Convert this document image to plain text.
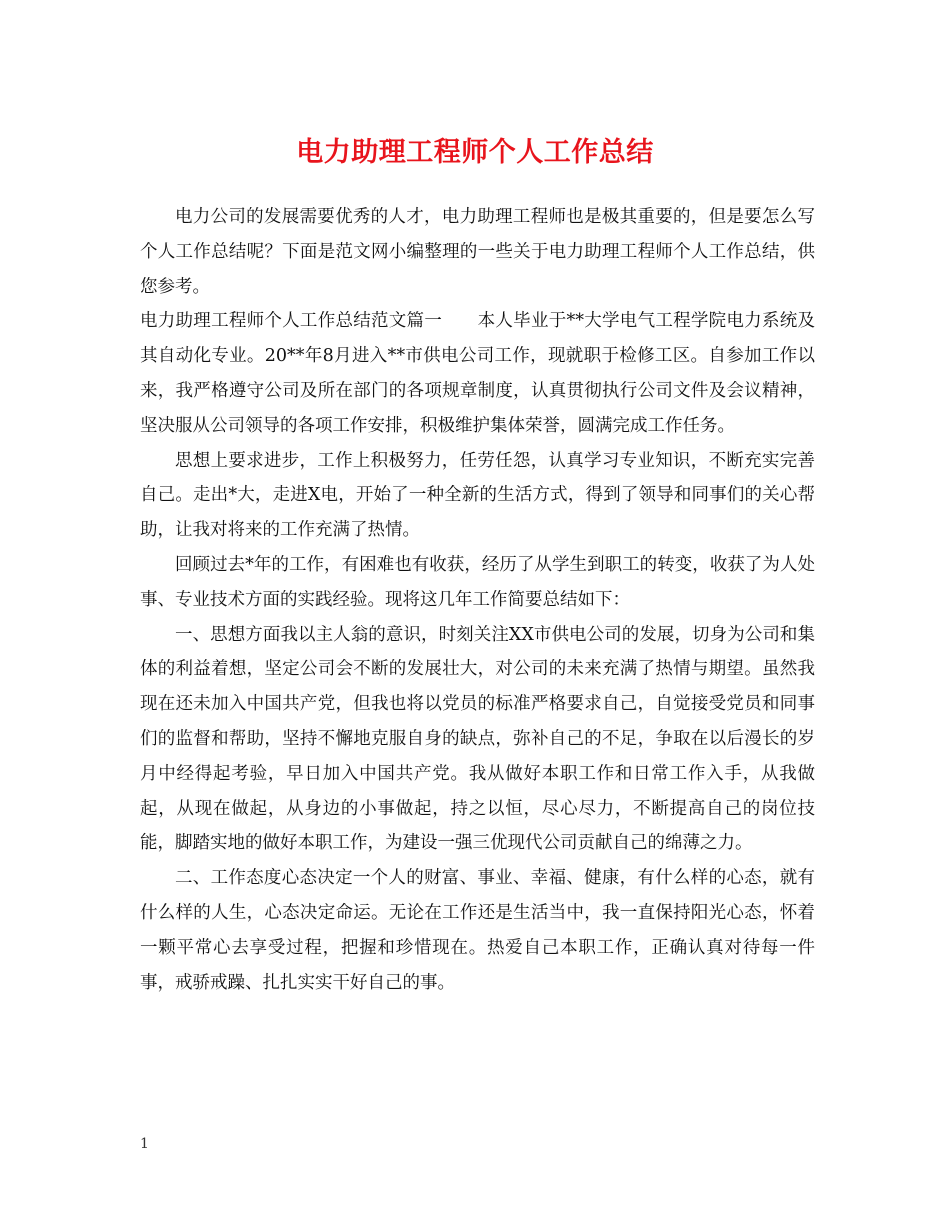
电力助理工程师个人工作总结

电力公司的发展需要优秀的人才，电力助理工程师也是极其重要的，但是要怎么写个人工作总结呢？下面是范文网小编整理的一些关于电力助理工程师个人工作总结，供您参考。

电力助理工程师个人工作总结范文篇一　　本人毕业于**大学电气工程学院电力系统及其自动化专业。20**年8月进入**市供电公司工作，现就职于检修工区。自参加工作以来，我严格遵守公司及所在部门的各项规章制度，认真贯彻执行公司文件及会议精神，坚决服从公司领导的各项工作安排，积极维护集体荣誉，圆满完成工作任务。

思想上要求进步，工作上积极努力，任劳任怨，认真学习专业知识，不断充实完善自己。走出*大，走进X电，开始了一种全新的生活方式，得到了领导和同事们的关心帮助，让我对将来的工作充满了热情。

回顾过去*年的工作，有困难也有收获，经历了从学生到职工的转变，收获了为人处事、专业技术方面的实践经验。现将这几年工作简要总结如下：

一、思想方面我以主人翁的意识，时刻关注XX市供电公司的发展，切身为公司和集体的利益着想，坚定公司会不断的发展壮大，对公司的未来充满了热情与期望。虽然我现在还未加入中国共产党，但我也将以党员的标准严格要求自己，自觉接受党员和同事们的监督和帮助，坚持不懈地克服自身的缺点，弥补自己的不足，争取在以后漫长的岁月中经得起考验，早日加入中国共产党。我从做好本职工作和日常工作入手，从我做起，从现在做起，从身边的小事做起，持之以恒，尽心尽力，不断提高自己的岗位技能，脚踏实地的做好本职工作，为建设一强三优现代公司贡献自己的绵薄之力。

二、工作态度心态决定一个人的财富、事业、幸福、健康，有什么样的心态，就有什么样的人生，心态决定命运。无论在工作还是生活当中，我一直保持阳光心态，怀着一颗平常心去享受过程，把握和珍惜现在。热爱自己本职工作，正确认真对待每一件事，戒骄戒躁、扎扎实实干好自己的事。

1
